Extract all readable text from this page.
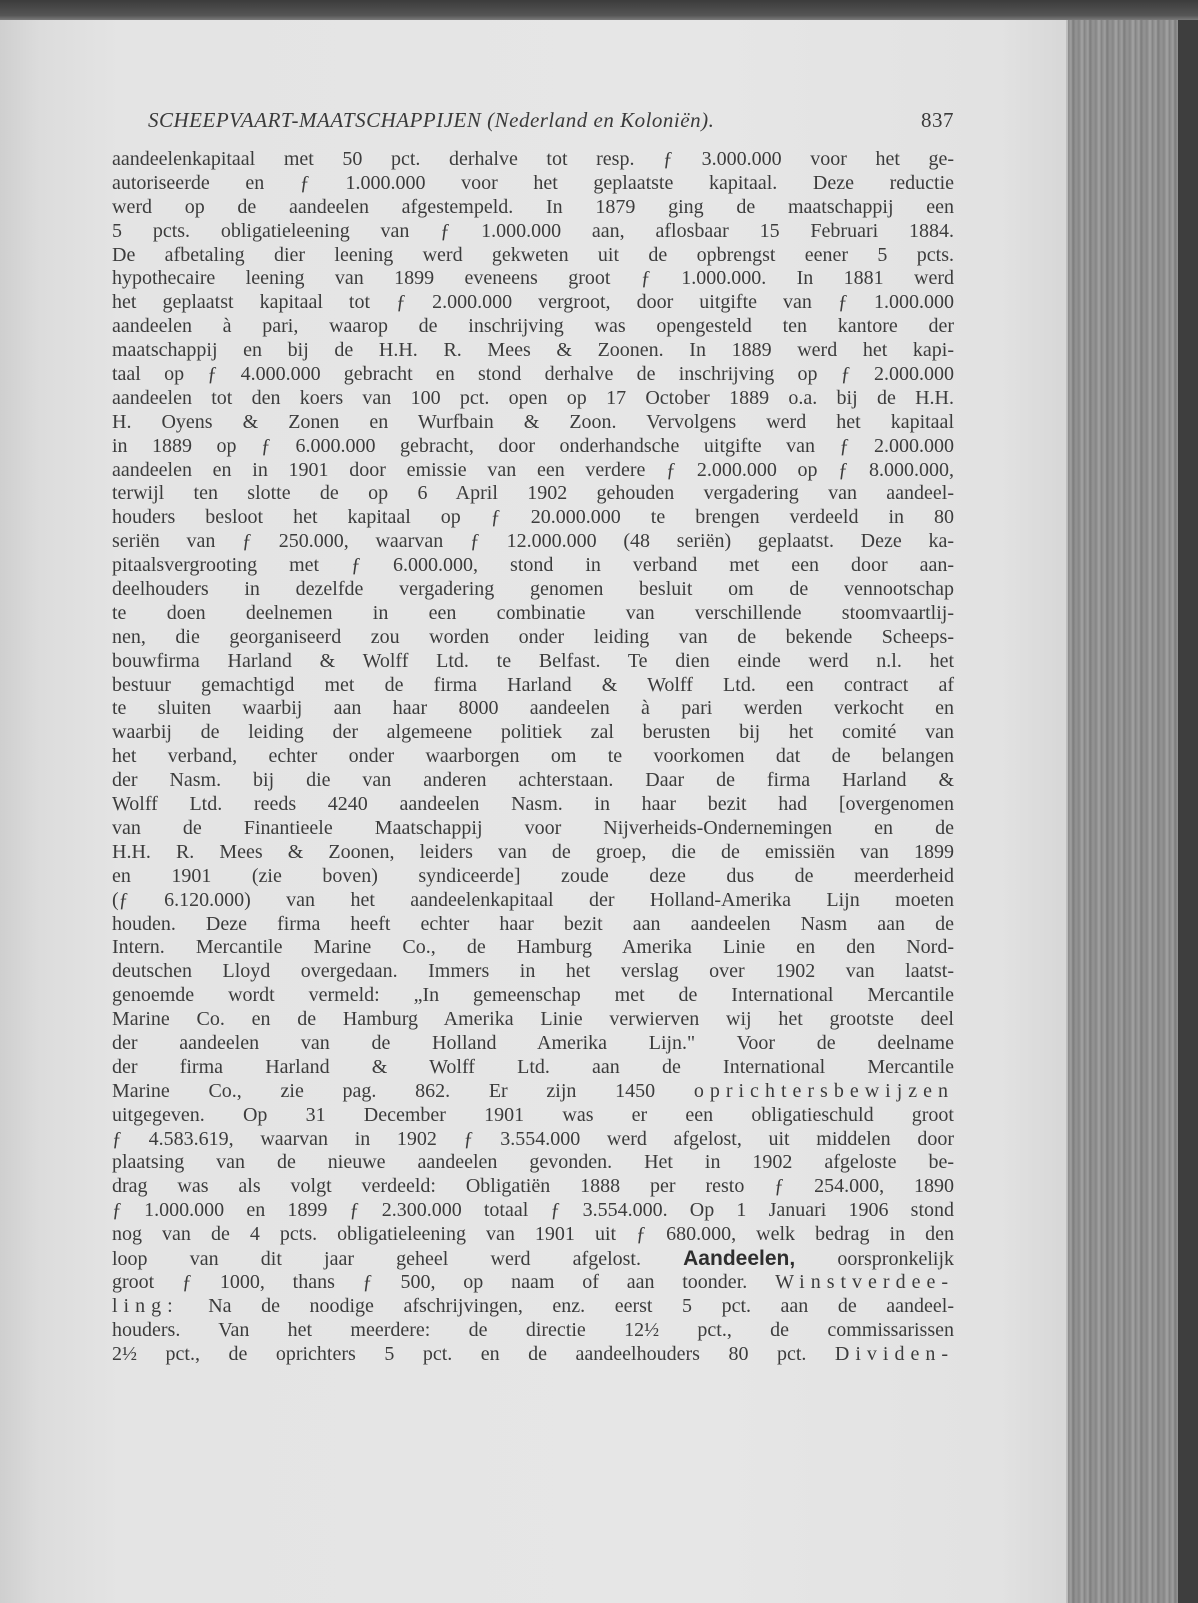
SCHEEPVAART-MAATSCHAPPIJEN (Nederland en Koloniën).	837
aandeelenkapitaal met 50 pct. derhalve tot resp. ƒ 3.000.000 voor het ge-
autoriseerde en ƒ 1.000.000 voor het geplaatste kapitaal. Deze reductie
werd op de aandeelen afgestempeld. In 1879 ging de maatschappij een
5 pcts. obligatieleening van ƒ 1.000.000 aan, aflosbaar 15 Februari 1884.
De afbetaling dier leening werd gekweten uit de opbrengst eener 5 pcts.
hypothecaire leening van 1899 eveneens groot ƒ 1.000.000. In 1881 werd
het geplaatst kapitaal tot ƒ 2.000.000 vergroot, door uitgifte van ƒ 1.000.000
aandeelen à pari, waarop de inschrijving was opengesteld ten kantore der
maatschappij en bij de H.H. R. Mees & Zoonen. In 1889 werd het kapi-
taal op ƒ 4.000.000 gebracht en stond derhalve de inschrijving op ƒ 2.000.000
aandeelen tot den koers van 100 pct. open op 17 October 1889 o.a. bij de H.H.
H. Oyens & Zonen en Wurfbain & Zoon. Vervolgens werd het kapitaal
in 1889 op ƒ 6.000.000 gebracht, door onderhandsche uitgifte van ƒ 2.000.000
aandeelen en in 1901 door emissie van een verdere ƒ 2.000.000 op ƒ 8.000.000,
terwijl ten slotte de op 6 April 1902 gehouden vergadering van aandeel-
houders besloot het kapitaal op ƒ 20.000.000 te brengen verdeeld in 80
seriën van ƒ 250.000, waarvan ƒ 12.000.000 (48 seriën) geplaatst. Deze ka-
pitaalsvergrooting met ƒ 6.000.000, stond in verband met een door aan-
deelhouders in dezelfde vergadering genomen besluit om de vennootschap
te doen deelnemen in een combinatie van verschillende stoomvaartlij-
nen, die georganiseerd zou worden onder leiding van de bekende Scheeps-
bouwfirma Harland & Wolff Ltd. te Belfast. Te dien einde werd n.l. het
bestuur gemachtigd met de firma Harland & Wolff Ltd. een contract af
te sluiten waarbij aan haar 8000 aandeelen à pari werden verkocht en
waarbij de leiding der algemeene politiek zal berusten bij het comité van
het verband, echter onder waarborgen om te voorkomen dat de belangen
der Nasm. bij die van anderen achterstaan. Daar de firma Harland &
Wolff Ltd. reeds 4240 aandeelen Nasm. in haar bezit had [overgenomen
van de Finantieele Maatschappij voor Nijverheids-Ondernemingen en de
H.H. R. Mees & Zoonen, leiders van de groep, die de emissiën van 1899
en 1901 (zie boven) syndiceerde] zoude deze dus de meerderheid
(ƒ 6.120.000) van het aandeelenkapitaal der Holland-Amerika Lijn moeten
houden. Deze firma heeft echter haar bezit aan aandeelen Nasm aan de
Intern. Mercantile Marine Co., de Hamburg Amerika Linie en den Nord-
deutschen Lloyd overgedaan. Immers in het verslag over 1902 van laatst-
genoemde wordt vermeld: „In gemeenschap met de International Mercantile
Marine Co. en de Hamburg Amerika Linie verwierven wij het grootste deel
der aandeelen van de Holland Amerika Lijn." Voor de deelname
der firma Harland & Wolff Ltd. aan de International Mercantile
Marine Co., zie pag. 862. Er zijn 1450 oprichtersbewijzen
uitgegeven. Op 31 December 1901 was er een obligatieschuld groot
ƒ 4.583.619, waarvan in 1902 ƒ 3.554.000 werd afgelost, uit middelen door
plaatsing van de nieuwe aandeelen gevonden. Het in 1902 afgeloste be-
drag was als volgt verdeeld: Obligatiën 1888 per resto ƒ 254.000, 1890
ƒ 1.000.000 en 1899 ƒ 2.300.000 totaal ƒ 3.554.000. Op 1 Januari 1906 stond
nog van de 4 pcts. obligatieleening van 1901 uit ƒ 680.000, welk bedrag in den
loop van dit jaar geheel werd afgelost. Aandeelen, oorspronkelijk
groot ƒ 1000, thans ƒ 500, op naam of aan toonder. Winstverdee-
ling: Na de noodige afschrijvingen, enz. eerst 5 pct. aan de aandeel-
houders. Van het meerdere: de directie 12½ pct., de commissarissen
2½ pct., de oprichters 5 pct. en de aandeelhouders 80 pct. Dividen-
